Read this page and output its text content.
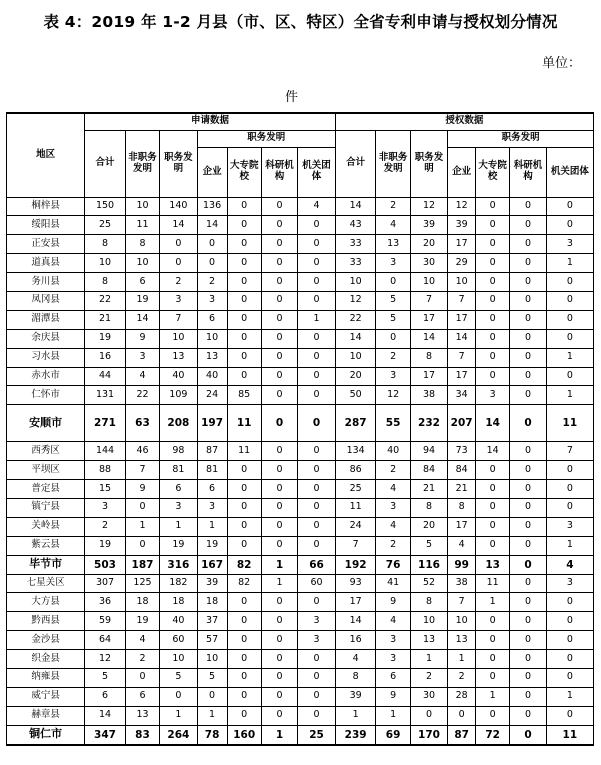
表 4：2019 年 1-2 月县（市、区、特区）全省专利申请与授权划分情况
单位：
件
地区	申请数据							授权数据						
	合计	非职务发明	职务发明	职务发明				合计	非职务发明	职务发明	职务发明			
				企业	大专院校	科研机构	机关团体				企业	大专院校	科研机构	机关团体
桐梓县	150	10	140	136	0	0	4	14	2	12	12	0	0	0
绥阳县	25	11	14	14	0	0	0	43	4	39	39	0	0	0
正安县	8	8	0	0	0	0	0	33	13	20	17	0	0	3
道真县	10	10	0	0	0	0	0	33	3	30	29	0	0	1
务川县	8	6	2	2	0	0	0	10	0	10	10	0	0	0
凤冈县	22	19	3	3	0	0	0	12	5	7	7	0	0	0
湄潭县	21	14	7	6	0	0	1	22	5	17	17	0	0	0
余庆县	19	9	10	10	0	0	0	14	0	14	14	0	0	0
习水县	16	3	13	13	0	0	0	10	2	8	7	0	0	1
赤水市	44	4	40	40	0	0	0	20	3	17	17	0	0	0
仁怀市	131	22	109	24	85	0	0	50	12	38	34	3	0	1
安顺市	271	63	208	197	11	0	0	287	55	232	207	14	0	11
西秀区	144	46	98	87	11	0	0	134	40	94	73	14	0	7
平坝区	88	7	81	81	0	0	0	86	2	84	84	0	0	0
普定县	15	9	6	6	0	0	0	25	4	21	21	0	0	0
镇宁县	3	0	3	3	0	0	0	11	3	8	8	0	0	0
关岭县	2	1	1	1	0	0	0	24	4	20	17	0	0	3
紫云县	19	0	19	19	0	0	0	7	2	5	4	0	0	1
毕节市	503	187	316	167	82	1	66	192	76	116	99	13	0	4
七星关区	307	125	182	39	82	1	60	93	41	52	38	11	0	3
大方县	36	18	18	18	0	0	0	17	9	8	7	1	0	0
黔西县	59	19	40	37	0	0	3	14	4	10	10	0	0	0
金沙县	64	4	60	57	0	0	3	16	3	13	13	0	0	0
织金县	12	2	10	10	0	0	0	4	3	1	1	0	0	0
纳雍县	5	0	5	5	0	0	0	8	6	2	2	0	0	0
威宁县	6	6	0	0	0	0	0	39	9	30	28	1	0	1
赫章县	14	13	1	1	0	0	0	1	1	0	0	0	0	0
铜仁市	347	83	264	78	160	1	25	239	69	170	87	72	0	11
